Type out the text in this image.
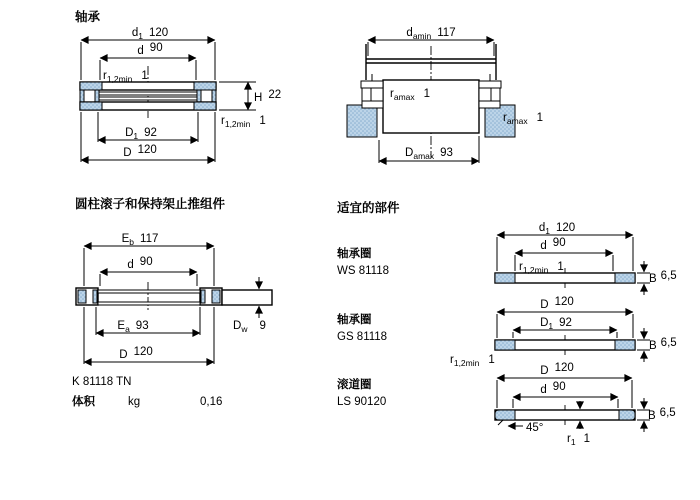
轴承
$d_1$ 120
d 90
$r_{1,2min}$ 1
H 22
$r_{1,2min}$ 1
$D_1$ 92
D 120
$d_{amin}$ 117
$r_{amax}$ 1
$r_{amax}$ 1
$D_{amax}$ 93
圆柱滚子和保持架止推组件
$E_b$ 117
d 90
$E_a$ 93
D 120
$D_w$ 9
K 81118 TN
体积	kg	0,16
适宜的部件
轴承圈
WS 81118
轴承圈
GS 81118
滚道圈
LS 90120
$d_1$ 120
d 90
$r_{1,2min}$ 1
B 6,5
D 120
$D_1$ 92
$r_{1,2min}$ 1
B 6,5
D 120
d 90
45°
$r_1$ 1
B 6,5
